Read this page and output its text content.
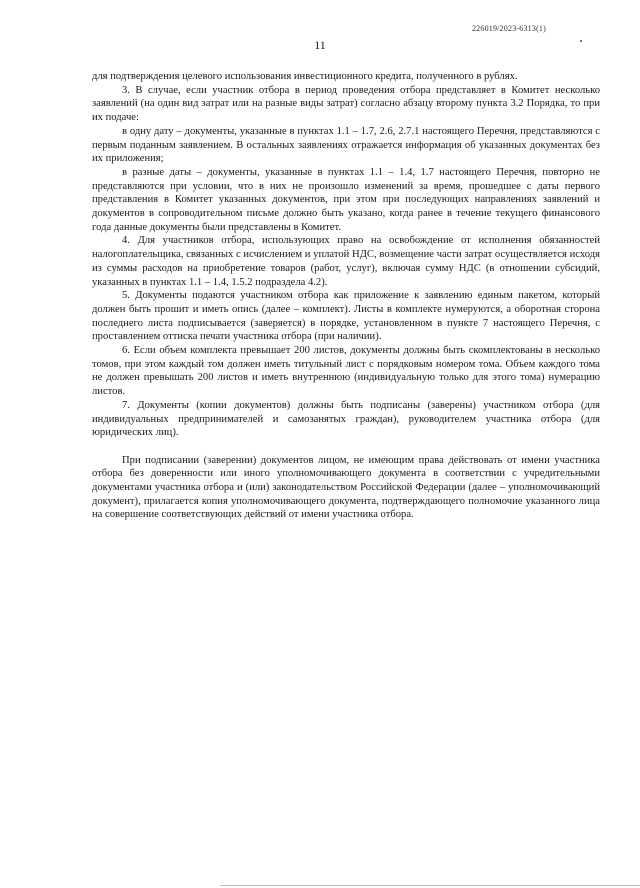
226019/2023-6313(1)
11

для подтверждения целевого использования инвестиционного кредита, полученного в рублях.

3. В случае, если участник отбора в период проведения отбора представляет в Комитет несколько заявлений (на один вид затрат или на разные виды затрат) согласно абзацу второму пункта 3.2 Порядка, то при их подаче:

в одну дату – документы, указанные в пунктах 1.1 – 1.7, 2.6, 2.7.1 настоящего Перечня, представляются с первым поданным заявлением. В остальных заявлениях отражается информация об указанных документах без их приложения;

в разные даты – документы, указанные в пунктах 1.1 – 1.4, 1.7 настоящего Перечня, повторно не представляются при условии, что в них не произошло изменений за время, прошедшее с даты первого представления в Комитет указанных документов, при этом при последующих направлениях заявлений и документов в сопроводительном письме должно быть указано, когда ранее в течение текущего финансового года данные документы были представлены в Комитет.

4. Для участников отбора, использующих право на освобождение от исполнения обязанностей налогоплательщика, связанных с исчислением и уплатой НДС, возмещение части затрат осуществляется исходя из суммы расходов на приобретение товаров (работ, услуг), включая сумму НДС (в отношении субсидий, указанных в пунктах 1.1 – 1.4, 1.5.2 подраздела 4.2).

5. Документы подаются участником отбора как приложение к заявлению единым пакетом, который должен быть прошит и иметь опись (далее – комплект). Листы в комплекте нумеруются, а оборотная сторона последнего листа подписывается (заверяется) в порядке, установленном в пункте 7 настоящего Перечня, с проставлением оттиска печати участника отбора (при наличии).

6. Если объем комплекта превышает 200 листов, документы должны быть скомплектованы в несколько томов, при этом каждый том должен иметь титульный лист с порядковым номером тома. Объем каждого тома не должен превышать 200 листов и иметь внутреннюю (индивидуальную только для этого тома) нумерацию листов.

7. Документы (копии документов) должны быть подписаны (заверены) участником отбора (для индивидуальных предпринимателей и самозанятых граждан), руководителем участника отбора (для юридических лиц).

При подписании (заверении) документов лицом, не имеющим права действовать от имени участника отбора без доверенности или иного уполномочивающего документа в соответствии с учредительными документами участника отбора и (или) законодательством Российской Федерации (далее – уполномочивающий документ), прилагается копия уполномочивающего документа, подтверждающего полномочие указанного лица на совершение соответствующих действий от имени участника отбора.
